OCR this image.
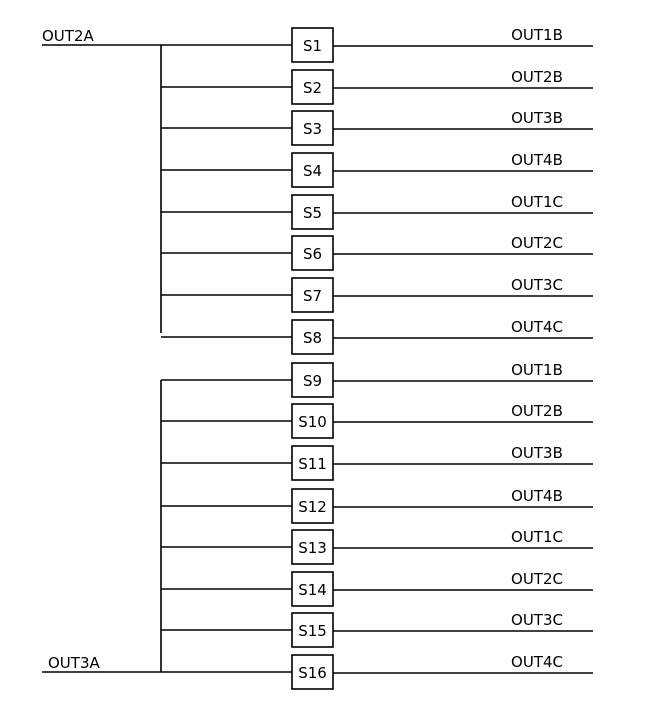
OUT2A
OUT3A
S1
OUT1B
S2
OUT2B
S3
OUT3B
S4
OUT4B
S5
OUT1C
S6
OUT2C
S7
OUT3C
S8
OUT4C
S9
OUT1B
S10
OUT2B
S11
OUT3B
S12
OUT4B
S13
OUT1C
S14
OUT2C
S15
OUT3C
S16
OUT4C
